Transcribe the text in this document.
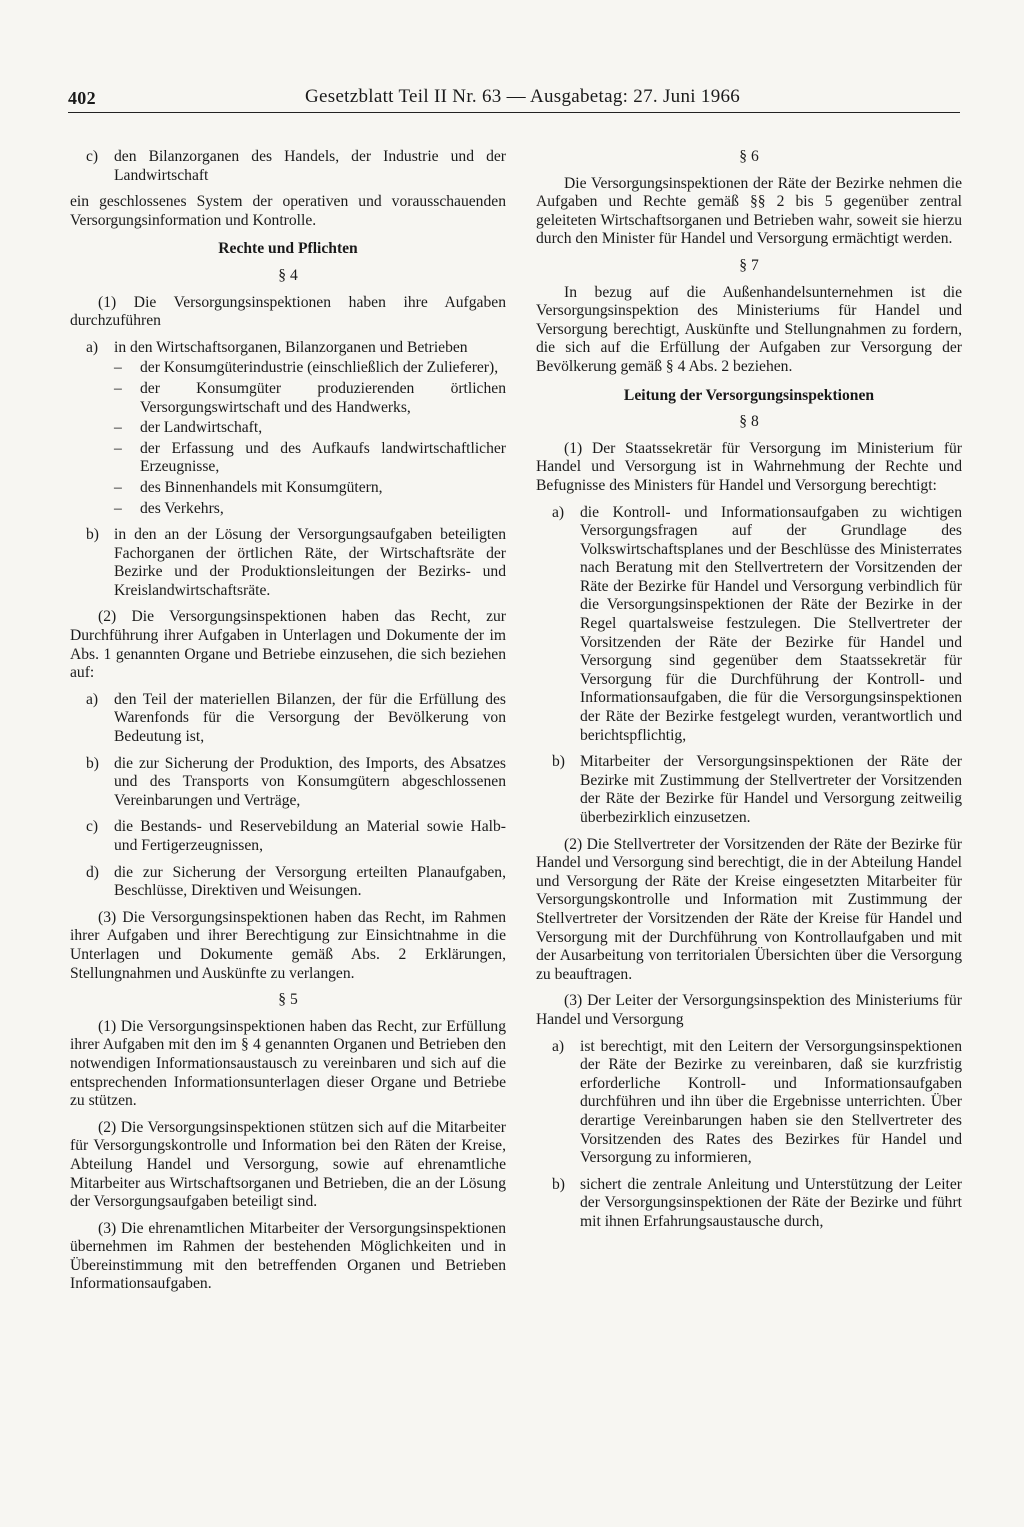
402	Gesetzblatt Teil II Nr. 63 — Ausgabetag: 27. Juni 1966
c)	den Bilanzorganen des Handels, der Industrie und der Landwirtschaft

ein geschlossenes System der operativen und vorausschauenden Versorgungsinformation und Kontrolle.

Rechte und Pflichten
§ 4

(1) Die Versorgungsinspektionen haben ihre Aufgaben durchzuführen

a)	in den Wirtschaftsorganen, Bilanzorganen und Betrieben
–	der Konsumgüterindustrie (einschließlich der Zulieferer),
–	der Konsumgüter produzierenden örtlichen Versorgungswirtschaft und des Handwerks,
–	der Landwirtschaft,
–	der Erfassung und des Aufkaufs landwirtschaftlicher Erzeugnisse,
–	des Binnenhandels mit Konsumgütern,
–	des Verkehrs,
b) in den an der Lösung der Versorgungsaufgaben beteiligten Fachorganen der örtlichen Räte, der Wirtschaftsräte der Bezirke und der Produktionsleitungen der Bezirks- und Kreislandwirtschaftsräte.

(2) Die Versorgungsinspektionen haben das Recht, zur Durchführung ihrer Aufgaben in Unterlagen und Dokumente der im Abs. 1 genannten Organe und Betriebe einzusehen, die sich beziehen auf:

a)	den Teil der materiellen Bilanzen, der für die Erfüllung des Warenfonds für die Versorgung der Bevölkerung von Bedeutung ist,
b) die zur Sicherung der Produktion, des Imports, des Absatzes und des Transports von Konsumgütern abgeschlossenen Vereinbarungen und Verträge,
c)	die Bestands- und Reservebildung an Material sowie Halb- und Fertigerzeugnissen,
d) die zur Sicherung der Versorgung erteilten Planaufgaben, Beschlüsse, Direktiven und Weisungen.

(3) Die Versorgungsinspektionen haben das Recht, im Rahmen ihrer Aufgaben und ihrer Berechtigung zur Einsichtnahme in die Unterlagen und Dokumente gemäß Abs. 2 Erklärungen, Stellungnahmen und Auskünfte zu verlangen.

§ 5

(1) Die Versorgungsinspektionen haben das Recht, zur Erfüllung ihrer Aufgaben mit den im § 4 genannten Organen und Betrieben den notwendigen Informationsaustausch zu vereinbaren und sich auf die entsprechenden Informationsunterlagen dieser Organe und Betriebe zu stützen.

(2) Die Versorgungsinspektionen stützen sich auf die Mitarbeiter für Versorgungskontrolle und Information bei den Räten der Kreise, Abteilung Handel und Versorgung, sowie auf ehrenamtliche Mitarbeiter aus Wirtschaftsorganen und Betrieben, die an der Lösung der Versorgungsaufgaben beteiligt sind.

(3) Die ehrenamtlichen Mitarbeiter der Versorgungsinspektionen übernehmen im Rahmen der bestehenden Möglichkeiten und in Übereinstimmung mit den betreffenden Organen und Betrieben Informationsaufgaben.

§ 6

Die Versorgungsinspektionen der Räte der Bezirke nehmen die Aufgaben und Rechte gemäß §§ 2 bis 5 gegenüber zentral geleiteten Wirtschaftsorganen und Betrieben wahr, soweit sie hierzu durch den Minister für Handel und Versorgung ermächtigt werden.

§ 7

In bezug auf die Außenhandelsunternehmen ist die Versorgungsinspektion des Ministeriums für Handel und Versorgung berechtigt, Auskünfte und Stellungnahmen zu fordern, die sich auf die Erfüllung der Aufgaben zur Versorgung der Bevölkerung gemäß § 4 Abs. 2 beziehen.

Leitung der Versorgungsinspektionen
§ 8

(1) Der Staatssekretär für Versorgung im Ministerium für Handel und Versorgung ist in Wahrnehmung der Rechte und Befugnisse des Ministers für Handel und Versorgung berechtigt:

a)	die Kontroll- und Informationsaufgaben zu wichtigen Versorgungsfragen auf der Grundlage des Volkswirtschaftsplanes und der Beschlüsse des Ministerrates nach Beratung mit den Stellvertretern der Vorsitzenden der Räte der Bezirke für Handel und Versorgung verbindlich für die Versorgungsinspektionen der Räte der Bezirke in der Regel quartalsweise festzulegen. Die Stellvertreter der Vorsitzenden der Räte der Bezirke für Handel und Versorgung sind gegenüber dem Staatssekretär für Versorgung für die Durchführung der Kontroll- und Informationsaufgaben, die für die Versorgungsinspektionen der Räte der Bezirke festgelegt wurden, verantwortlich und berichtspflichtig,
b) Mitarbeiter der Versorgungsinspektionen der Räte der Bezirke mit Zustimmung der Stellvertreter der Vorsitzenden der Räte der Bezirke für Handel und Versorgung zeitweilig überbezirklich einzusetzen.

(2) Die Stellvertreter der Vorsitzenden der Räte der Bezirke für Handel und Versorgung sind berechtigt, die in der Abteilung Handel und Versorgung der Räte der Kreise eingesetzten Mitarbeiter für Versorgungskontrolle und Information mit Zustimmung der Stellvertreter der Vorsitzenden der Räte der Kreise für Handel und Versorgung mit der Durchführung von Kontrollaufgaben und mit der Ausarbeitung von territorialen Übersichten über die Versorgung zu beauftragen.

(3) Der Leiter der Versorgungsinspektion des Ministeriums für Handel und Versorgung

a)	ist berechtigt, mit den Leitern der Versorgungsinspektionen der Räte der Bezirke zu vereinbaren, daß sie kurzfristig erforderliche Kontroll- und Informationsaufgaben durchführen und ihn über die Ergebnisse unterrichten. Über derartige Vereinbarungen haben sie den Stellvertreter des Vorsitzenden des Rates des Bezirkes für Handel und Versorgung zu informieren,
b) sichert die zentrale Anleitung und Unterstützung der Leiter der Versorgungsinspektionen der Räte der Bezirke und führt mit ihnen Erfahrungsaustausche durch,
